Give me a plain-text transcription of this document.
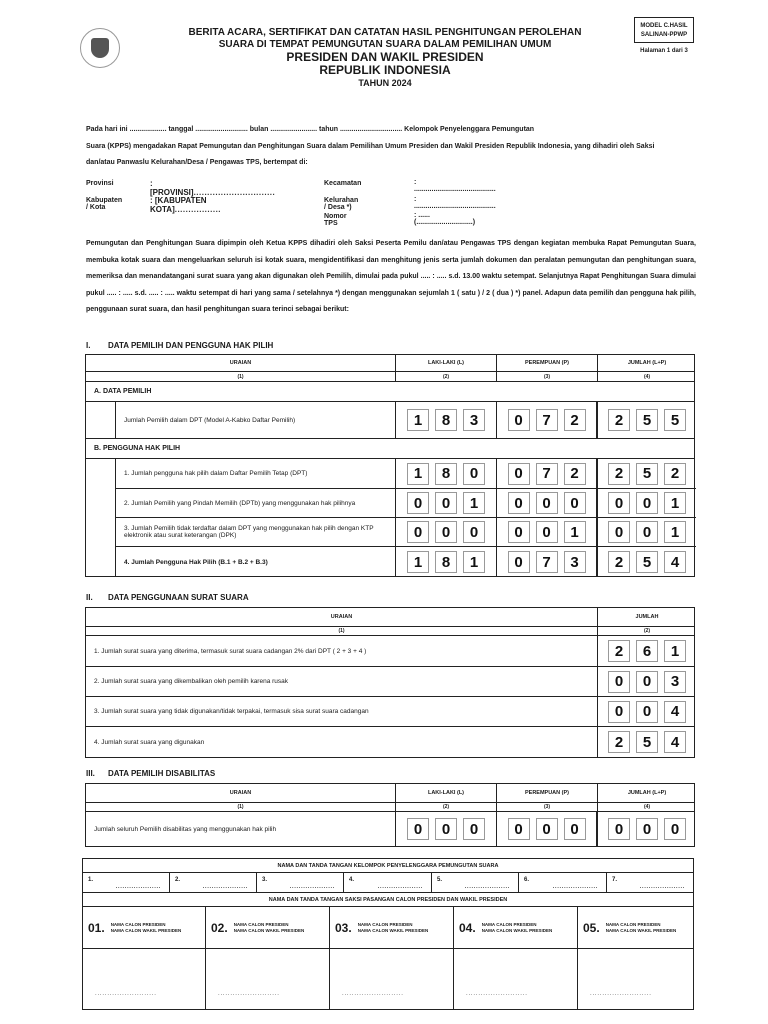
BERITA ACARA, SERTIFIKAT DAN CATATAN HASIL PENGHITUNGAN PEROLEHAN
SUARA DI TEMPAT PEMUNGUTAN SUARA DALAM PEMILIHAN UMUM
PRESIDEN DAN WAKIL PRESIDEN
REPUBLIK INDONESIA
TAHUN 2024
MODEL C.HASIL
SALINAN-PPWP
Halaman 1 dari 3
Pada hari ini ................... tanggal ........................... bulan ........................ tahun ................................ Kelompok Penyelenggara Pemungutan
Suara (KPPS) mengadakan Rapat Pemungutan dan Penghitungan Suara dalam Pemilihan Umum Presiden dan Wakil Presiden Republik Indonesia, yang dihadiri oleh Saksi
dan/atau Panwaslu Kelurahan/Desa / Pengawas TPS, bertempat di:
Provinsi	: [PROVINSI]..............................
Kabupaten / Kota
: [KABUPATEN KOTA].................
Kecamatan	: ..........................................
Kelurahan / Desa *)
: ..........................................
Nomor TPS
: ...... (.............................)
Pemungutan dan Penghitungan Suara dipimpin oleh Ketua KPPS dihadiri oleh Saksi Peserta Pemilu dan/atau Pengawas TPS dengan kegiatan membuka Rapat Pemungutan Suara, membuka kotak suara dan mengeluarkan seluruh isi kotak suara, mengidentifikasi dan menghitung jenis serta jumlah dokumen dan peralatan pemungutan dan penghitungan suara, memeriksa dan menandatangani surat suara yang akan digunakan oleh Pemilih, dimulai pada pukul ..... : ..... s.d. 13.00 waktu setempat. Selanjutnya Rapat Penghitungan Suara dimulai pukul ..... : ..... s.d. ..... : ..... waktu setempat di hari yang sama / setelahnya *) dengan menggunakan sejumlah 1 ( satu ) / 2 ( dua ) *) panel. Adapun data pemilih dan pengguna hak pilih, penggunaan surat suara, dan hasil penghitungan suara terinci sebagai berikut:
I. DATA PEMILIH DAN PENGGUNA HAK PILIH
URAIAN	LAKI-LAKI (L)	PEREMPUAN (P)	JUMLAH (L+P)
(1)	(2)	(3)	(4)
A. DATA PEMILIH
Jumlah Pemilih dalam DPT (Model A-Kabko Daftar Pemilih)	1	8	3	0	7	2	2	5	5
B. PENGGUNA HAK PILIH
1. Jumlah pengguna hak pilih dalam Daftar Pemilih Tetap (DPT)	1	8	0	0	7	2	2	5	2
2. Jumlah Pemilih yang Pindah Memilih (DPTb) yang menggunakan hak pilihnya	0	0	1	0	0	0	0	0	1
3. Jumlah Pemilih tidak terdaftar dalam DPT yang menggunakan hak pilih dengan KTP elektronik atau surat keterangan (DPK)	0	0	0	0	0	1	0	0	1
4. Jumlah Pengguna Hak Pilih (B.1 + B.2 + B.3)	1	8	1	0	7	3	2	5	4
II. DATA PENGGUNAAN SURAT SUARA
URAIAN	JUMLAH
(1)	(2)
1. Jumlah surat suara yang diterima, termasuk surat suara cadangan 2% dari DPT ( 2 + 3 + 4 )	2	6	1
2. Jumlah surat suara yang dikembalikan oleh pemilih karena rusak	0	0	3
3. Jumlah surat suara yang tidak digunakan/tidak terpakai, termasuk sisa surat suara cadangan	0	0	4
4. Jumlah surat suara yang digunakan	2	5	4
III. DATA PEMILIH DISABILITAS
URAIAN	LAKI-LAKI (L)	PEREMPUAN (P)	JUMLAH (L+P)
(1)	(2)	(3)	(4)
Jumlah seluruh Pemilih disabilitas yang menggunakan hak pilih	0	0	0	0	0	0	0	0	0
NAMA DAN TANDA TANGAN KELOMPOK PENYELENGGARA PEMUNGUTAN SUARA
1.
....................
2.
....................
3.
....................
4.
....................
5.
....................
6.
....................
7.
....................
NAMA DAN TANDA TANGAN SAKSI PASANGAN CALON PRESIDEN DAN WAKIL PRESIDEN
01. NAMA CALON PRESIDEN
NAMA CALON WAKIL PRESIDEN 02. NAMA CALON PRESIDEN
NAMA CALON WAKIL PRESIDEN	03. NAMA CALON PRESIDEN
NAMA CALON WAKIL PRESIDEN	04. NAMA CALON PRESIDEN
NAMA CALON WAKIL PRESIDEN	05. NAMA CALON PRESIDEN
NAMA CALON WAKIL PRESIDEN
.........................	.........................	.........................	.........................	.........................
